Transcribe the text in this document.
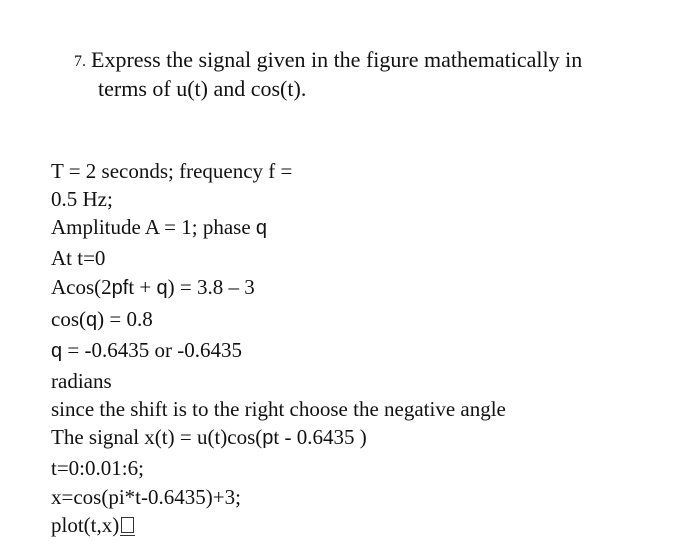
7. Express the signal given in the figure mathematically in
terms of u(t) and cos(t).
T = 2 seconds; frequency f =
0.5 Hz;
Amplitude A = 1; phase q
At t=0
Acos(2pft + q) = 3.8 – 3
cos(q) = 0.8
q = -0.6435 or -0.6435
radians
since the shift is to the right choose the negative angle
The signal x(t) = u(t)cos(pt - 0.6435 )
t=0:0.01:6;
x=cos(pi*t-0.6435)+3;
plot(t,x)
